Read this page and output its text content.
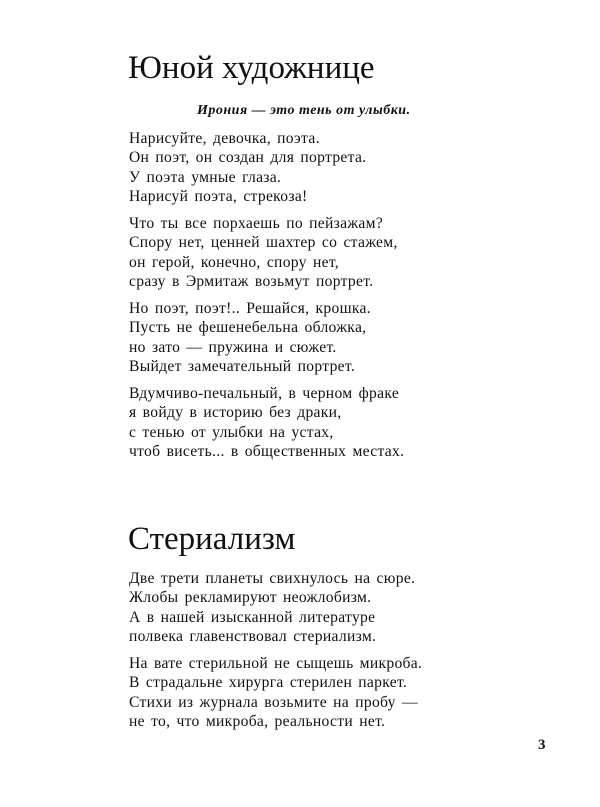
Юной художнице

Ирония — это тень от улыбки.

Нарисуйте, девочка, поэта.
Он поэт, он создан для портрета.
У поэта умные глаза.
Нарисуй поэта, стрекоза!
Что ты все порхаешь по пейзажам?
Спору нет, ценней шахтер со стажем,
он герой, конечно, спору нет,
сразу в Эрмитаж возьмут портрет.
Но поэт, поэт!.. Решайся, крошка.
Пусть не фешенебельна обложка,
но зато — пружина и сюжет.
Выйдет замечательный портрет.
Вдумчиво-печальный, в черном фраке
я войду в историю без драки,
с тенью от улыбки на устах,
чтоб висеть... в общественных местах.
Стериализм
Две трети планеты свихнулось на сюре.
Жлобы рекламируют неожлобизм.
А в нашей изысканной литературе
полвека главенствовал стериализм.
На вате стерильной не сыщешь микроба.
В страдальне хирурга стерилен паркет.
Стихи из журнала возьмите на пробу —
не то, что микроба, реальности нет.

3
